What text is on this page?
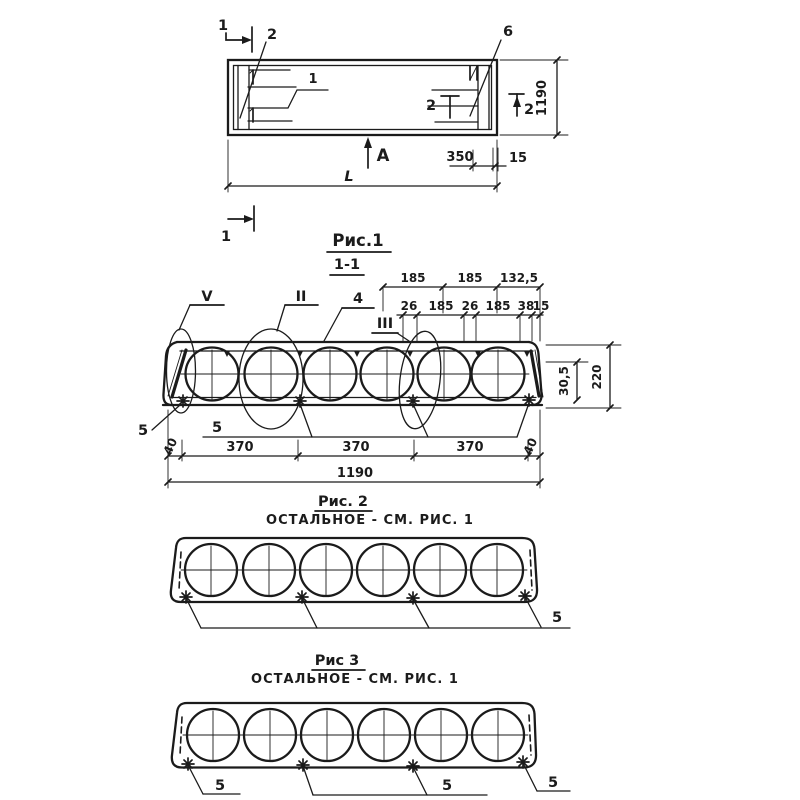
1
1
1
2	6
2	2
А
1190
350	15
L
Рис.1
1-1
185	185 132,5
26 185 26 185 38
15
V	II	4
III
30,5 220
5	5
40	370	370	370	40
1190
Рис. 2
ОСТАЛЬНОЕ - СМ. РИС. 1
5
Рис 3
ОСТАЛЬНОЕ - СМ. РИС. 1
5	5	5
